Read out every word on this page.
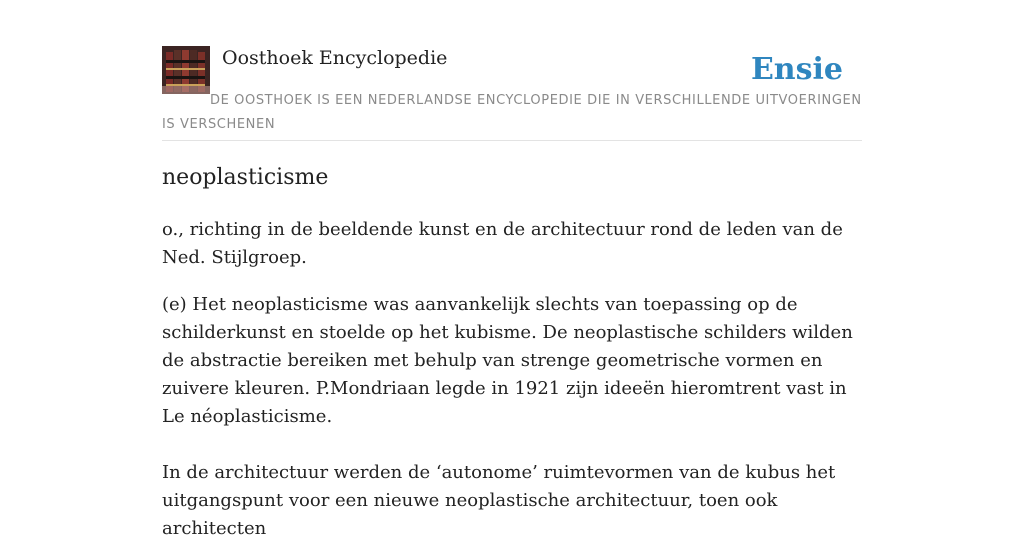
Oosthoek Encyclopedie	Ensie
DE OOSTHOEK IS EEN NEDERLANDSE ENCYCLOPEDIE DIE IN VERSCHILLENDE UITVOERINGEN IS VERSCHENEN
neoplasticisme

o., richting in de beeldende kunst en de architectuur rond de leden van de Ned. Stijlgroep.

(e) Het neoplasticisme was aanvankelijk slechts van toepassing op de schilderkunst en stoelde op het kubisme. De neoplastische schilders wilden de abstractie bereiken met behulp van strenge geometrische vormen en zuivere kleuren. P.Mondriaan legde in 1921 zijn ideeën hieromtrent vast in Le néoplasticisme.

In de architectuur werden de ‘autonome’ ruimtevormen van de kubus het uitgangspunt voor een nieuwe neoplastische architectuur, toen ook architecten
